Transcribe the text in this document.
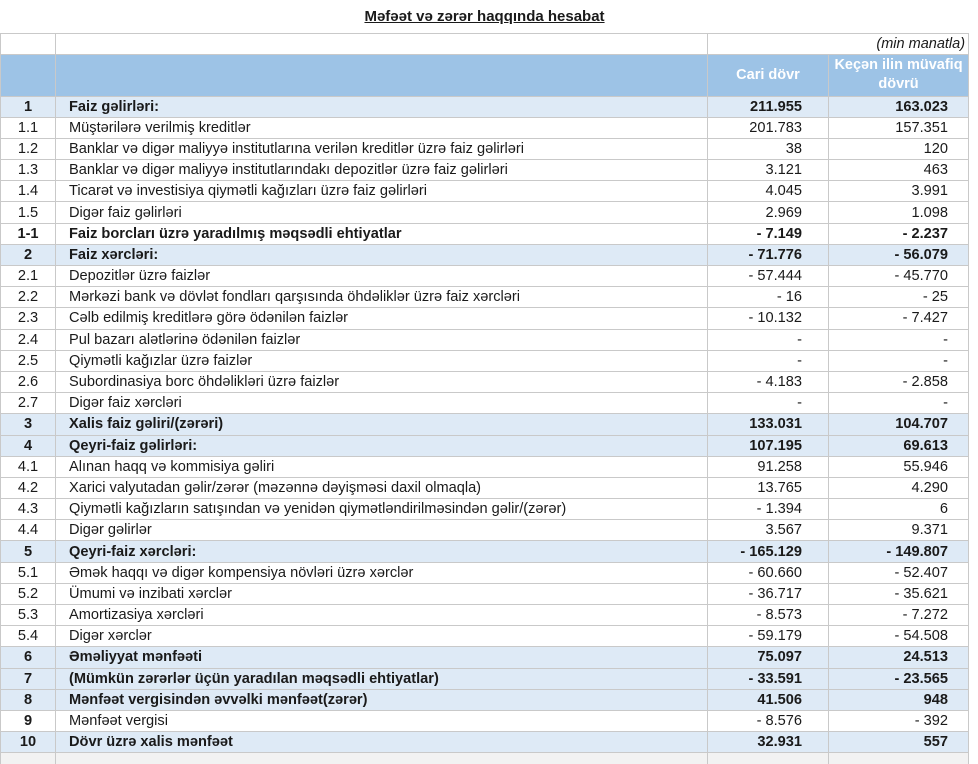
Məfəət və zərər haqqında hesabat			
		(min manatla)	
		Cari dövr	Keçən ilin müvafiq dövrü
1	Faiz gəlirləri:	211.955	163.023
1.1	Müştərilərə verilmiş kreditlər	201.783	157.351
1.2	Banklar və digər maliyyə institutlarına verilən kreditlər üzrə faiz gəlirləri	38	120
1.3	Banklar və digər maliyyə institutlarındakı depozitlər üzrə faiz gəlirləri	3.121	463
1.4	Ticarət və investisiya qiymətli kağızları üzrə faiz gəlirləri	4.045	3.991
1.5	Digər faiz gəlirləri	2.969	1.098
1-1	Faiz borcları üzrə yaradılmış məqsədli ehtiyatlar	- 7.149	- 2.237
2	Faiz xərcləri:	- 71.776	- 56.079
2.1	Depozitlər üzrə faizlər	- 57.444	- 45.770
2.2	Mərkəzi bank və dövlət fondları qarşısında öhdəliklər üzrə faiz xərcləri	- 16	- 25
2.3	Cəlb edilmiş kreditlərə görə ödənilən faizlər	- 10.132	- 7.427
2.4	Pul bazarı alətlərinə ödənilən faizlər	-	-
2.5	Qiymətli kağızlar üzrə faizlər	-	-
2.6	Subordinasiya borc öhdəlikləri üzrə faizlər	- 4.183	- 2.858
2.7	Digər faiz xərcləri	-	-
3	Xalis faiz gəliri/(zərəri)	133.031	104.707
4	Qeyri-faiz gəlirləri:	107.195	69.613
4.1	Alınan haqq və kommisiya gəliri	91.258	55.946
4.2	Xarici valyutadan gəlir/zərər (məzənnə dəyişməsi daxil olmaqla)	13.765	4.290
4.3	Qiymətli kağızların satışından və yenidən qiymətləndirilməsindən gəlir/(zərər)	- 1.394	6
4.4	Digər gəlirlər	3.567	9.371
5	Qeyri-faiz xərcləri:	- 165.129	- 149.807
5.1	Əmək haqqı və digər kompensiya növləri üzrə xərclər	- 60.660	- 52.407
5.2	Ümumi və inzibati xərclər	- 36.717	- 35.621
5.3	Amortizasiya xərcləri	- 8.573	- 7.272
5.4	Digər xərclər	- 59.179	- 54.508
6	Əməliyyat mənfəəti	75.097	24.513
7	(Mümkün zərərlər üçün yaradılan məqsədli ehtiyatlar)	- 33.591	- 23.565
8	Mənfəət vergisindən əvvəlki mənfəət(zərər)	41.506	948
9	Mənfəət vergisi	- 8.576	- 392
10	Dövr üzrə xalis mənfəət	32.931	557
